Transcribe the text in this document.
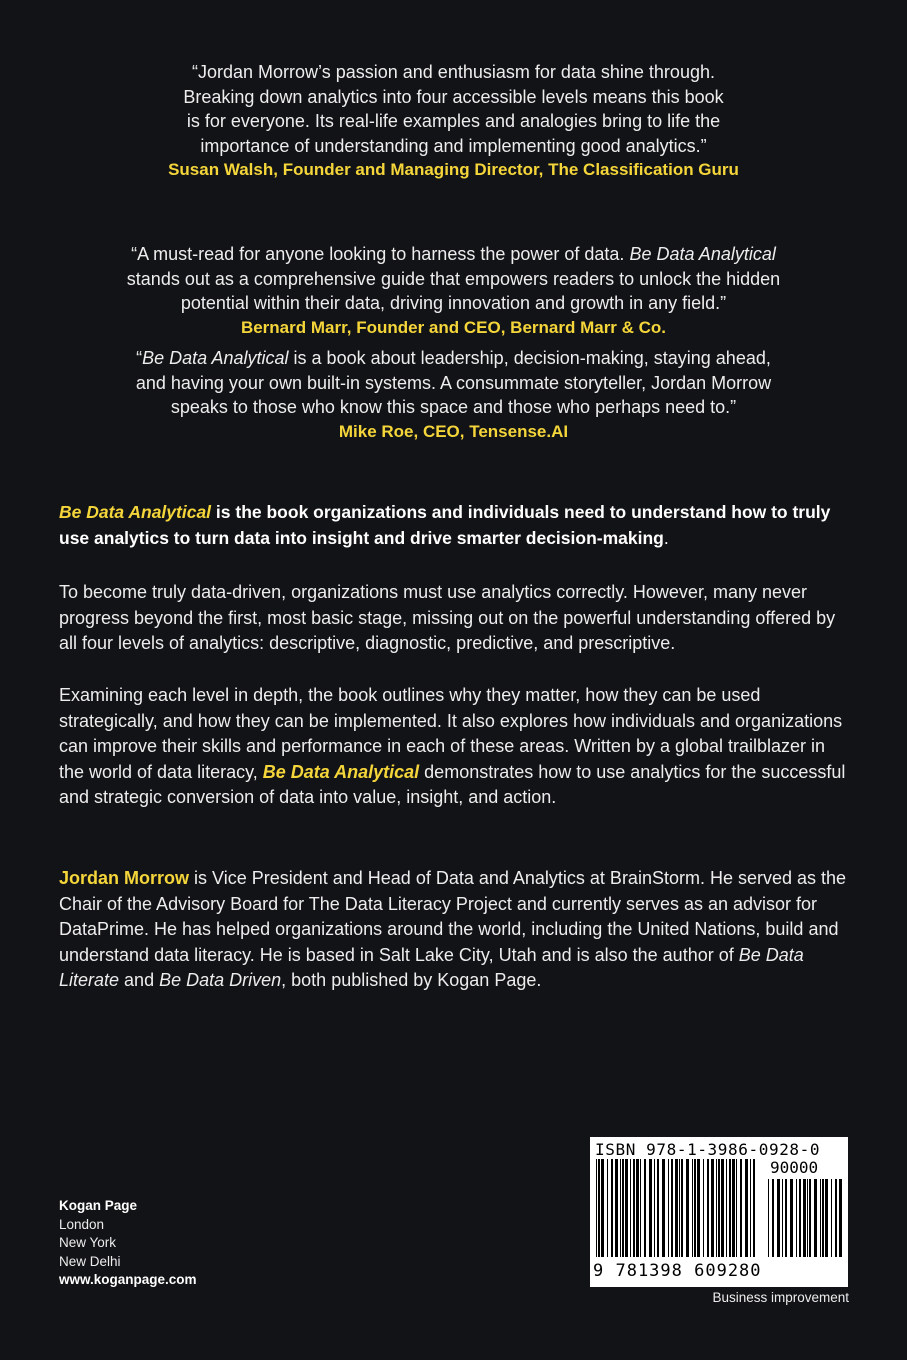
“Jordan Morrow’s passion and enthusiasm for data shine through.
Breaking down analytics into four accessible levels means this book
is for everyone. Its real-life examples and analogies bring to life the
importance of understanding and implementing good analytics.”
Susan Walsh, Founder and Managing Director, The Classification Guru
“A must-read for anyone looking to harness the power of data. Be Data Analytical
stands out as a comprehensive guide that empowers readers to unlock the hidden
potential within their data, driving innovation and growth in any field.”
Bernard Marr, Founder and CEO, Bernard Marr & Co.
“Be Data Analytical is a book about leadership, decision-making, staying ahead,
and having your own built-in systems. A consummate storyteller, Jordan Morrow
speaks to those who know this space and those who perhaps need to.”
Mike Roe, CEO, Tensense.AI
Be Data Analytical is the book organizations and individuals need to understand how to truly use analytics to turn data into insight and drive smarter decision-making.
To become truly data-driven, organizations must use analytics correctly. However, many never progress beyond the first, most basic stage, missing out on the powerful understanding offered by all four levels of analytics: descriptive, diagnostic, predictive, and prescriptive.
Examining each level in depth, the book outlines why they matter, how they can be used strategically, and how they can be implemented. It also explores how individuals and organizations can improve their skills and performance in each of these areas. Written by a global trailblazer in the world of data literacy, Be Data Analytical demonstrates how to use analytics for the successful and strategic conversion of data into value, insight, and action.
Jordan Morrow is Vice President and Head of Data and Analytics at BrainStorm. He served as the Chair of the Advisory Board for The Data Literacy Project and currently serves as an advisor for DataPrime. He has helped organizations around the world, including the United Nations, build and understand data literacy. He is based in Salt Lake City, Utah and is also the author of Be Data Literate and Be Data Driven, both published by Kogan Page.
Kogan Page
London
New York
New Delhi
www.koganpage.com
ISBN 978-1-3986-0928-0
90000
9 781398 609280
Business improvement
